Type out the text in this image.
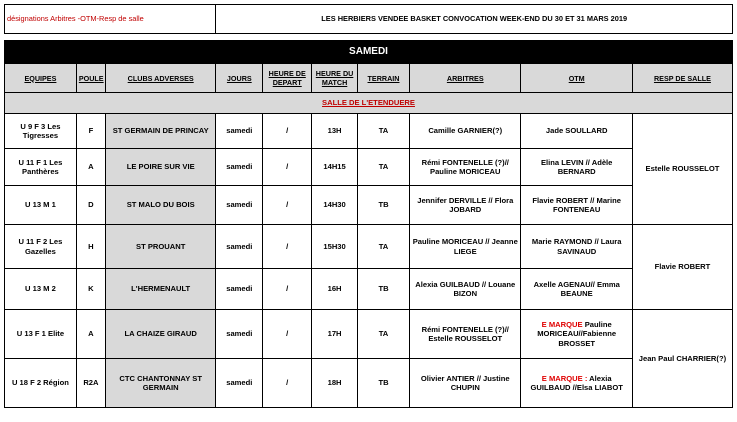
désignations Arbitres -OTM-Resp de salle			LES HERBIERS VENDEE BASKET CONVOCATION WEEK-END DU 30 ET 31 MARS 2019						

SAMEDI									
EQUIPES	POULE	CLUBS ADVERSES	JOURS	HEURE DE DEPART	HEURE DU MATCH	TERRAIN	ARBITRES	OTM	RESP DE SALLE
SALLE DE L'ETENDUERE									
U 9 F 3 Les Tigresses	F	ST GERMAIN DE PRINCAY	samedi	/	13H	TA	Camille GARNIER(?)	Jade SOULLARD	Estelle ROUSSELOT
U 11 F 1 Les Panthères	A	LE POIRE SUR VIE	samedi	/	14H15	TA	Rémi FONTENELLE (?)// Pauline MORICEAU	Elina LEVIN // Adèle BERNARD	
U 13 M 1	D	ST MALO DU BOIS	samedi	/	14H30	TB	Jennifer DERVILLE // Flora JOBARD	Flavie ROBERT // Marine FONTENEAU	
U 11 F 2 Les Gazelles	H	ST PROUANT	samedi	/	15H30	TA	Pauline MORICEAU // Jeanne LIEGE	Marie RAYMOND // Laura SAVINAUD	Flavie ROBERT
U 13 M 2	K	L'HERMENAULT	samedi	/	16H	TB	Alexia GUILBAUD // Louane BIZON	Axelle AGENAU// Emma BEAUNE	
U 13 F 1 Elite	A	LA CHAIZE GIRAUD	samedi	/	17H	TA	Rémi FONTENELLE (?)// Estelle ROUSSELOT	E MARQUE Pauline MORICEAU//Fabienne BROSSET	Jean Paul CHARRIER(?)
U 18 F 2 Région	R2A	CTC CHANTONNAY ST GERMAIN	samedi	/	18H	TB	Olivier ANTIER // Justine CHUPIN	E MARQUE : Alexia GUILBAUD //Elsa LIABOT	
